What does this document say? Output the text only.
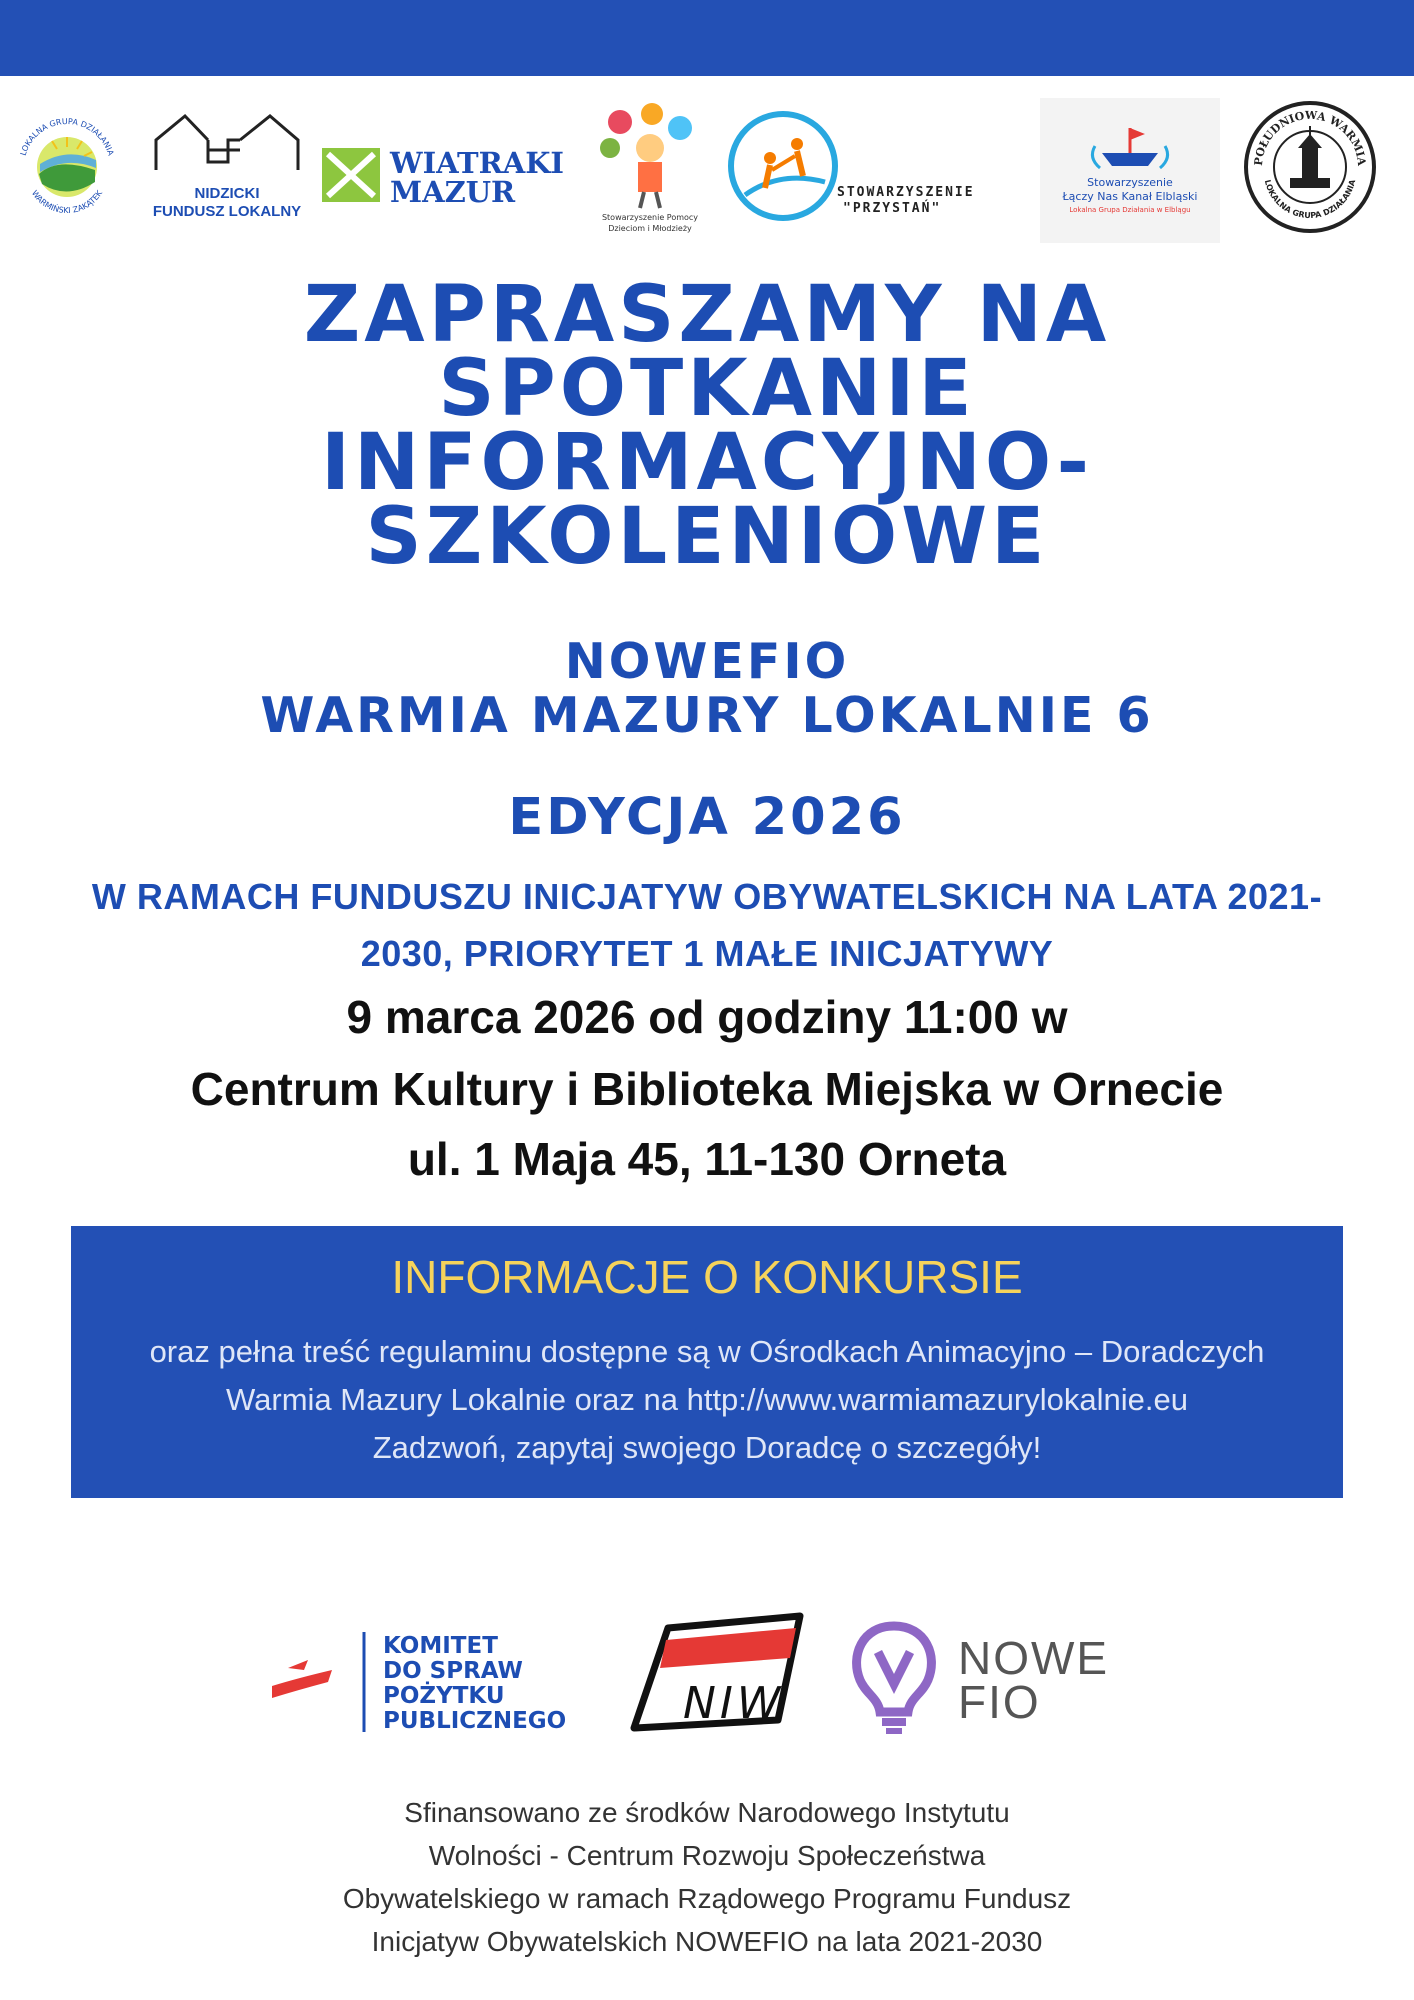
LOKALNA GRUPA DZIAŁANIA
WARMIŃSKI ZAKĄTEK	NIDZICKI
FUNDUSZ LOKALNY
WIATRAKI
MAZUR
Stowarzyszenie Pomocy
Dzieciom i Młodzieży
STOWARZYSZENIE
"PRZYSTAŃ"
Stowarzyszenie
Łączy Nas Kanał Elbląski
Lokalna Grupa Działania w Elblągu
POŁUDNIOWA WARMIA
LOKALNA GRUPA DZIAŁANIA
ZAPRASZAMY NA
SPOTKANIE
INFORMACYJNO-
SZKOLENIOWE
NOWEFIO
WARMIA MAZURY LOKALNIE 6
EDYCJA 2026
W RAMACH FUNDUSZU INICJATYW OBYWATELSKICH NA LATA 2021-
2030, PRIORYTET 1 MAŁE INICJATYWY
9 marca 2026 od godziny 11:00 w
Centrum Kultury i Biblioteka Miejska w Ornecie
ul. 1 Maja 45, 11-130 Orneta
INFORMACJE O KONKURSIE
oraz pełna treść regulaminu dostępne są w Ośrodkach Animacyjno – Doradczych
Warmia Mazury Lokalnie oraz na http://www.warmiamazurylokalnie.eu
Zadzwoń, zapytaj swojego Doradcę o szczegóły!
KOMITET
DO SPRAW
POŻYTKU
PUBLICZNEGO	NIW
NOWE
FIO
Sfinansowano ze środków Narodowego Instytutu
Wolności - Centrum Rozwoju Społeczeństwa
Obywatelskiego w ramach Rządowego Programu Fundusz
Inicjatyw Obywatelskich NOWEFIO na lata 2021-2030
